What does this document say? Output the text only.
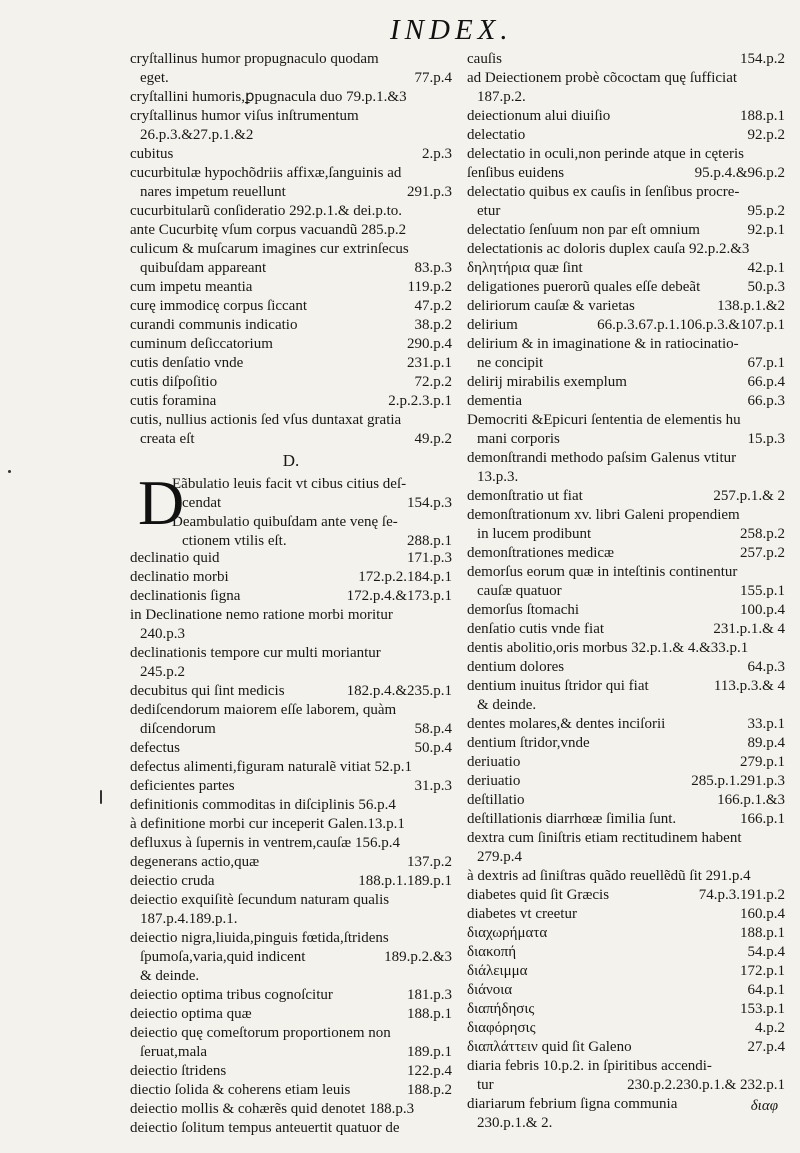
INDEX.
cryſtallinus humor propugnaculo quodam
eget.	77.p.4
cryſtallini humoris,ꝑpugnacula duo 79.p.1.&3
cryſtallinus humor viſus inſtrumentum
26.p.3.&27.p.1.&2
cubitus	2.p.3
cucurbitulæ hypochõdriis affixæ,ſanguinis ad
nares impetum reuellunt	291.p.3
cucurbitularũ conſideratio 292.p.1.& dei.p.to.
ante Cucurbitę vſum corpus vacuandũ 285.p.2
culicum & muſcarum imagines cur extrinſecus
quibuſdam appareant	83.p.3
cum impetu meantia	119.p.2
curę immodicę corpus ſiccant	47.p.2
curandi communis indicatio	38.p.2
cuminum deſiccatorium	290.p.4
cutis denſatio vnde	231.p.1
cutis diſpoſitio	72.p.2
cutis foramina	2.p.2.3.p.1
cutis, nullius actionis ſed vſus duntaxat gratia
creata eſt	49.p.2
D.
D
Eãbulatio leuis facit vt cibus citius deſ-
cendat	154.p.3
Deambulatio quibuſdam ante venę ſe-
ctionem vtilis eſt.	288.p.1
declinatio quid	171.p.3
declinatio morbi	172.p.2.184.p.1
declinationis ſigna	172.p.4.&173.p.1
in Declinatione nemo ratione morbi moritur
240.p.3
declinationis tempore cur multi moriantur
245.p.2
decubitus qui ſint medicis	182.p.4.&235.p.1
dediſcendorum maiorem eſſe laborem, quàm
diſcendorum	58.p.4
defectus	50.p.4
defectus alimenti,figuram naturalẽ vitiat 52.p.1
deficientes partes	31.p.3
definitionis commoditas in diſciplinis 56.p.4
à definitione morbi cur inceperit Galen.13.p.1
defluxus à ſupernis in ventrem,cauſæ 156.p.4
degenerans actio,quæ	137.p.2
deiectio cruda	188.p.1.189.p.1
deiectio exquiſitè ſecundum naturam qualis
187.p.4.189.p.1.
deiectio nigra,liuida,pinguis fœtida,ſtridens
ſpumoſa,varia,quid indicent	189.p.2.&3
& deinde.
deiectio optima tribus cognoſcitur	181.p.3
deiectio optima quæ	188.p.1
deiectio quę comeſtorum proportionem non
ſeruat,mala	189.p.1
deiectio ſtridens	122.p.4
diectio ſolida & coherens etiam leuis	188.p.2
deiectio mollis & cohærẽs quid denotet 188.p.3
deiectio ſolitum tempus anteuertit quatuor de
cauſis	154.p.2
ad Deiectionem probè cõcoctam quę ſufficiat
187.p.2.
deiectionum alui diuiſio	188.p.1
delectatio	92.p.2
delectatio in oculi,non perinde atque in cęteris
ſenſibus euidens	95.p.4.&96.p.2
delectatio quibus ex cauſis in ſenſibus procre-
etur	95.p.2
delectatio ſenſuum non par eſt omnium	92.p.1
delectationis ac doloris duplex cauſa 92.p.2.&3
δηλητήρια quæ ſint	42.p.1
deligationes puerorũ quales eſſe debeãt	50.p.3
deliriorum cauſæ & varietas	138.p.1.&2
delirium	66.p.3.67.p.1.106.p.3.&107.p.1
delirium & in imaginatione & in ratiocinatio-
ne concipit	67.p.1
delirij mirabilis exemplum	66.p.4
dementia	66.p.3
Democriti &Epicuri ſententia de elementis hu
mani corporis	15.p.3
demonſtrandi methodo paſsim Galenus vtitur
13.p.3.
demonſtratio ut fiat	257.p.1.& 2
demonſtrationum xv. libri Galeni propendiem
in lucem prodibunt	258.p.2
demonſtrationes medicæ	257.p.2
demorſus eorum quæ in inteſtinis continentur
cauſæ quatuor	155.p.1
demorſus ſtomachi	100.p.4
denſatio cutis vnde fiat	231.p.1.& 4
dentis abolitio,oris morbus 32.p.1.& 4.&33.p.1
dentium dolores	64.p.3
dentium inuitus ſtridor qui fiat	113.p.3.& 4
& deinde.
dentes molares,& dentes inciſorii	33.p.1
dentium ſtridor,vnde	89.p.4
deriuatio	279.p.1
deriuatio	285.p.1.291.p.3
deſtillatio	166.p.1.&3
deſtillationis diarrhœæ ſimilia ſunt.	166.p.1
dextra cum ſiniſtris etiam rectitudinem habent
279.p.4
à dextris ad ſiniſtras quãdo reuellẽdũ ſit 291.p.4
diabetes quid ſit Græcis	74.p.3.191.p.2
diabetes vt creetur	160.p.4
διαχωρήματα	188.p.1
διακοπή	54.p.4
διάλειμμα	172.p.1
διάνοια	64.p.1
διαπήδησις	153.p.1
διαφόρησις	4.p.2
διαπλάττειν quid ſit Galeno	27.p.4
diaria febris 10.p.2. in ſpiritibus accendi-
tur	230.p.2.230.p.1.& 232.p.1
diariarum febrium ſigna communia
230.p.1.& 2.
διαφ
